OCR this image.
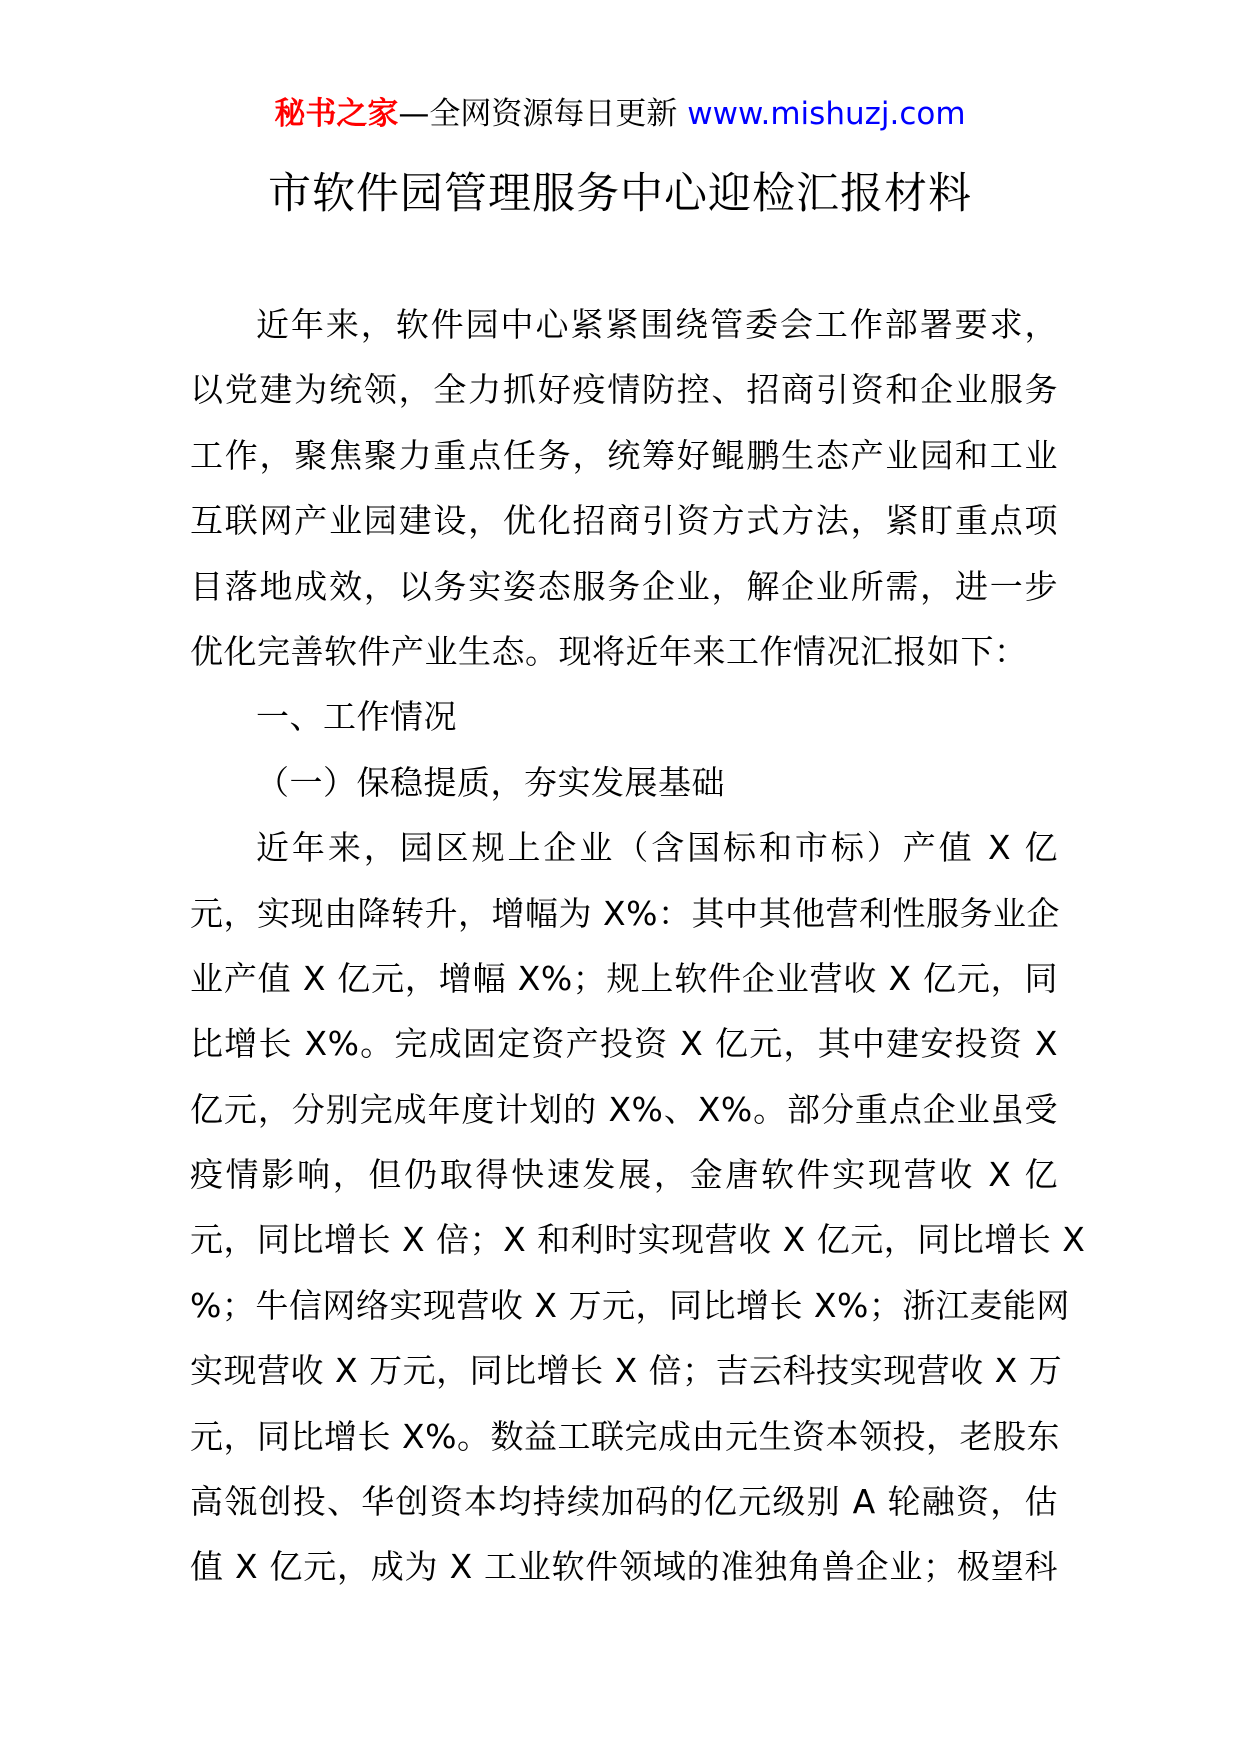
秘书之家—全网资源每日更新 www.mishuzj.com
市软件园管理服务中心迎检汇报材料
近年来，软件园中心紧紧围绕管委会工作部署要求，
以党建为统领，全力抓好疫情防控、招商引资和企业服务
工作，聚焦聚力重点任务，统筹好鲲鹏生态产业园和工业
互联网产业园建设，优化招商引资方式方法，紧盯重点项
目落地成效，以务实姿态服务企业，解企业所需，进一步
优化完善软件产业生态。现将近年来工作情况汇报如下：
一、工作情况
（一）保稳提质，夯实发展基础
近年来，园区规上企业（含国标和市标）产值 X 亿
元，实现由降转升，增幅为 X%：其中其他营利性服务业企
业产值 X 亿元，增幅 X%；规上软件企业营收 X 亿元，同
比增长 X%。完成固定资产投资 X 亿元，其中建安投资 X
亿元，分别完成年度计划的 X%、X%。部分重点企业虽受
疫情影响，但仍取得快速发展，金唐软件实现营收 X 亿
元，同比增长 X 倍；X 和利时实现营收 X 亿元，同比增长 X
%；牛信网络实现营收 X 万元，同比增长 X%；浙江麦能网
实现营收 X 万元，同比增长 X 倍；吉云科技实现营收 X 万
元，同比增长 X%。数益工联完成由元生资本领投，老股东
高瓴创投、华创资本均持续加码的亿元级别 A 轮融资，估
值 X 亿元，成为 X 工业软件领域的准独角兽企业；极望科
